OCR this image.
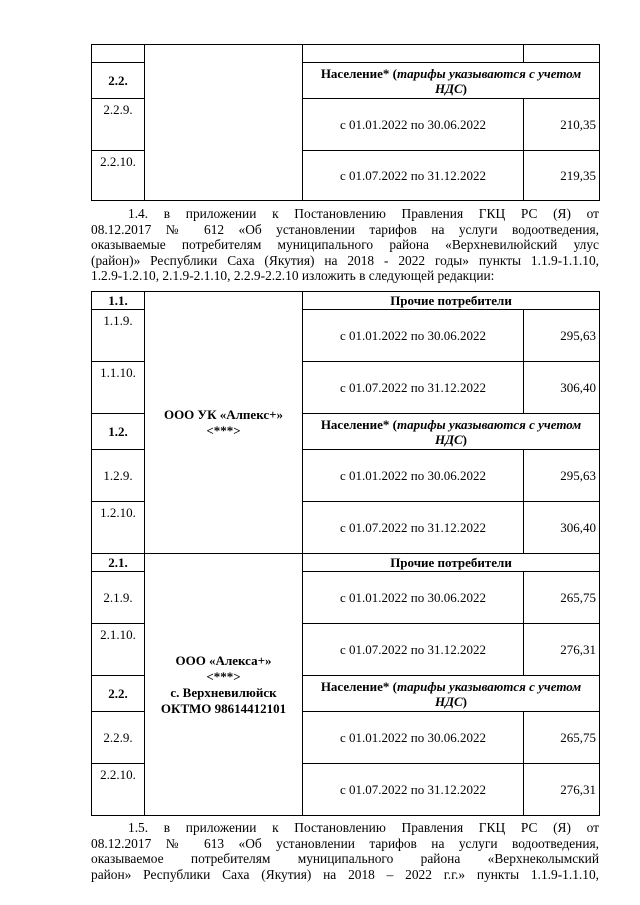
2.2.		Население* (тарифы указываются с учетом НДС)	
2.2.9.		с 01.01.2022 по 30.06.2022	210,35
2.2.10.		с 01.07.2022 по 31.12.2022	219,35
1.4. в приложении к Постановлению Правления ГКЦ РС (Я) от
08.12.2017 № 612 «Об установлении тарифов на услуги водоотведения,
оказываемые потребителям муниципального района «Верхневилюйский улус
(район)» Республики Саха (Якутия) на 2018 - 2022 годы» пункты 1.1.9-1.1.10,
1.2.9-1.2.10, 2.1.9-2.1.10, 2.2.9-2.2.10 изложить в следующей редакции:
1.1.	ООО УК «Алпекс+» <***>	Прочие потребители	
1.1.9.		с 01.01.2022 по 30.06.2022	295,63
1.1.10.		с 01.07.2022 по 31.12.2022	306,40
1.2.		Население* (тарифы указываются с учетом НДС)	
1.2.9.		с 01.01.2022 по 30.06.2022	295,63
1.2.10.		с 01.07.2022 по 31.12.2022	306,40
2.1.	ООО «Алекса+»
<***>
с. Верхневилюйск
ОКТМО 98614412101	Прочие потребители	
2.1.9.		с 01.01.2022 по 30.06.2022	265,75
2.1.10.		с 01.07.2022 по 31.12.2022	276,31
2.2.		Население* (тарифы указываются с учетом НДС)	
2.2.9.		с 01.01.2022 по 30.06.2022	265,75
2.2.10.		с 01.07.2022 по 31.12.2022	276,31
1.5. в приложении к Постановлению Правления ГКЦ РС (Я) от
08.12.2017 № 613 «Об установлении тарифов на услуги водоотведения,
оказываемое потребителям муниципального района «Верхнеколымский
район» Республики Саха (Якутия) на 2018 – 2022 г.г.» пункты 1.1.9-1.1.10,
